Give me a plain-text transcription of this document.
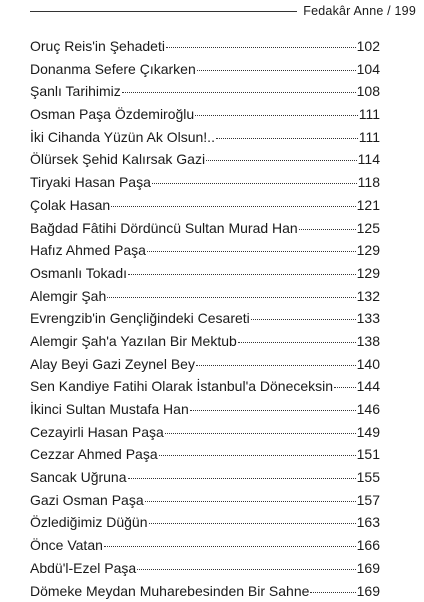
Fedakâr Anne / 199
Oruç Reis'in Şehadeti	102
Donanma Sefere Çıkarken	104
Şanlı Tarihimiz	108
Osman Paşa Özdemiroğlu	111
İki Cihanda Yüzün Ak Olsun!..	111
Ölürsek Şehid Kalırsak Gazi	114
Tiryaki Hasan Paşa	118
Çolak Hasan	121
Bağdad Fâtihi Dördüncü Sultan Murad Han	125
Hafız Ahmed Paşa	129
Osmanlı Tokadı	129
Alemgir Şah	132
Evrengzib'in Gençliğindeki Cesareti	133
Alemgir Şah'a Yazılan Bir Mektub	138
Alay Beyi Gazi Zeynel Bey	140
Sen Kandiye Fatihi Olarak İstanbul'a Döneceksin 144
İkinci Sultan Mustafa Han	146
Cezayirli Hasan Paşa	149
Cezzar Ahmed Paşa	151
Sancak Uğruna	155
Gazi Osman Paşa	157
Özlediğimiz Düğün	163
Önce Vatan	166
Abdü'l-Ezel Paşa	169
Dömeke Meydan Muharebesinden Bir Sahne	169
